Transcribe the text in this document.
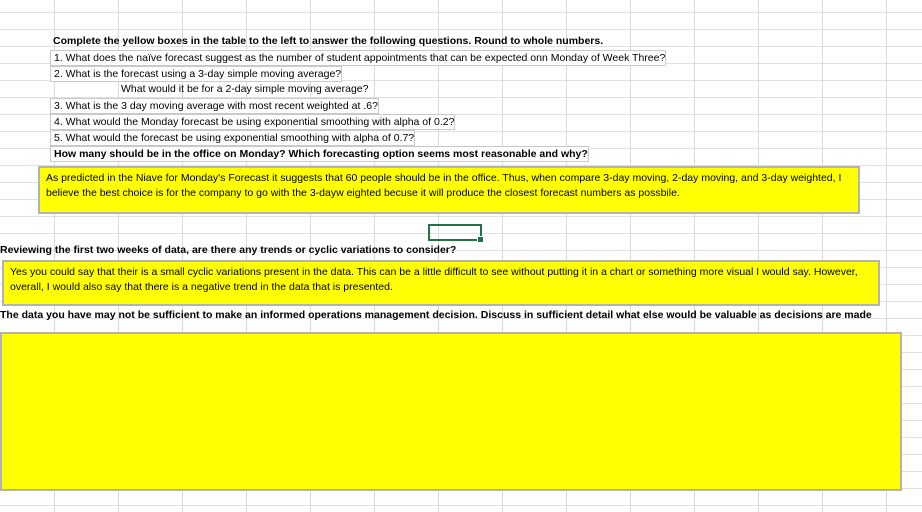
Complete the yellow boxes in the table to the left to answer the following questions. Round to whole numbers.
1. What does the naïve forecast suggest as the number of student appointments that can be expected onn Monday of Week Three?
2. What is the forecast using a 3-day simple moving average?
What would it be for a 2-day simple moving average?
3. What is the 3 day moving average with most recent weighted at .6?
4. What would the Monday forecast be using exponential smoothing with alpha of 0.2?
5. What would the forecast be using exponential smoothing with alpha of 0.7?
How many should be in the office on Monday? Which forecasting option seems most reasonable and why?
As predicted in the Niave for Monday's Forecast it suggests that 60 people should be in the office. Thus, when compare 3-day moving, 2-day moving, and 3-day weighted, I believe the best choice is for the company to go with the 3-dayw eighted becuse it will produce the closest forecast numbers as possbile.
Reviewing the first two weeks of data, are there any trends or cyclic variations to consider?
Yes you could say that their is a small cyclic variations present in the data. This can be a little difficult to see without putting it in a chart or something more visual I would say. However, overall, I would also say that there is a negative trend in the data that is presented.
The data you have may not be sufficient to make an informed operations management decision. Discuss in sufficient detail what else would be valuable as decisions are made
